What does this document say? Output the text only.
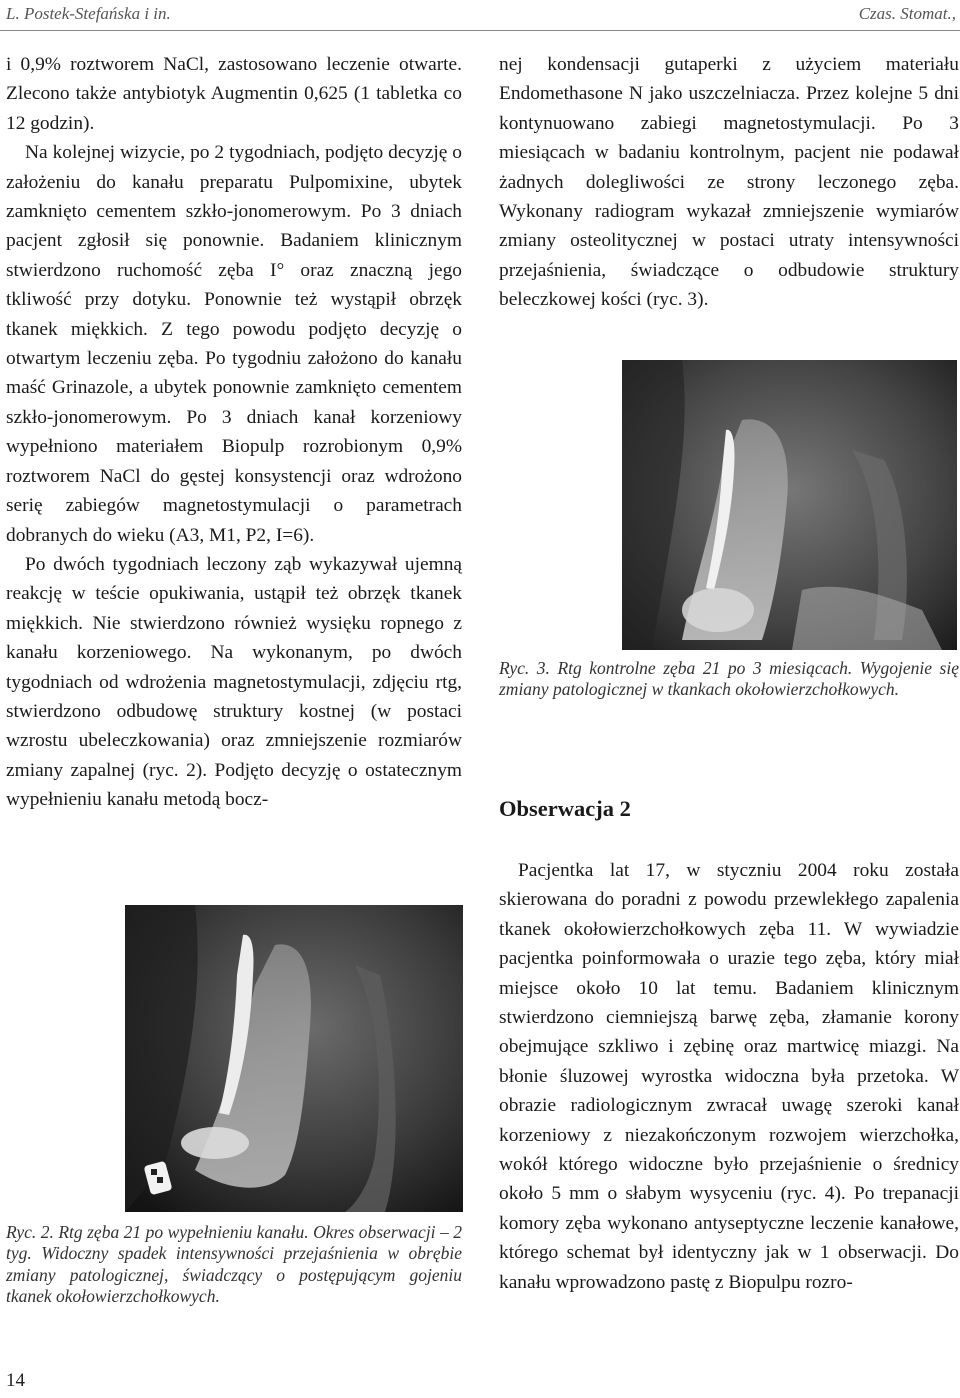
L. Postek-Stefańska i in.	Czas. Stomat.,

i 0,9% roztworem NaCl, zastosowano leczenie otwarte. Zlecono także antybiotyk Augmentin 0,625 (1 tabletka co 12 godzin).

Na kolejnej wizycie, po 2 tygodniach, podjęto decyzję o założeniu do kanału preparatu Pulpomixine, ubytek zamknięto cementem szkło-jonomerowym. Po 3 dniach pacjent zgłosił się ponownie. Badaniem klinicznym stwierdzono ruchomość zęba I° oraz znaczną jego tkliwość przy dotyku. Ponownie też wystąpił obrzęk tkanek miękkich. Z tego powodu podjęto decyzję o otwartym leczeniu zęba. Po tygodniu założono do kanału maść Grinazole, a ubytek ponownie zamknięto cementem szkło-jonomerowym. Po 3 dniach kanał korzeniowy wypełniono materiałem Biopulp rozrobionym 0,9% roztworem NaCl do gęstej konsystencji oraz wdrożono serię zabiegów magnetostymulacji o parametrach dobranych do wieku (A3, M1, P2, I=6).

Po dwóch tygodniach leczony ząb wykazywał ujemną reakcję w teście opukiwania, ustąpił też obrzęk tkanek miękkich. Nie stwierdzono również wysięku ropnego z kanału korzeniowego. Na wykonanym, po dwóch tygodniach od wdrożenia magnetostymulacji, zdjęciu rtg, stwierdzono odbudowę struktury kostnej (w postaci wzrostu ubeleczkowania) oraz zmniejszenie rozmiarów zmiany zapalnej (ryc. 2). Podjęto decyzję o ostatecznym wypełnieniu kanału metodą bocz-

Ryc. 2. Rtg zęba 21 po wypełnieniu kanału. Okres obserwacji – 2 tyg. Widoczny spadek intensywności przejaśnienia w obrębie zmiany patologicznej, świadczący o postępującym gojeniu tkanek okołowierzchołkowych.

nej kondensacji gutaperki z użyciem materiału Endomethasone N jako uszczelniacza. Przez kolejne 5 dni kontynuowano zabiegi magnetostymulacji. Po 3 miesiącach w badaniu kontrolnym, pacjent nie podawał żadnych dolegliwości ze strony leczonego zęba. Wykonany radiogram wykazał zmniejszenie wymiarów zmiany osteolitycznej w postaci utraty intensywności przejaśnienia, świadczące o odbudowie struktury beleczkowej kości (ryc. 3).

Ryc. 3. Rtg kontrolne zęba 21 po 3 miesiącach. Wygojenie się zmiany patologicznej w tkankach okołowierzchołkowych.
Obserwacja 2

Pacjentka lat 17, w styczniu 2004 roku została skierowana do poradni z powodu przewlekłego zapalenia tkanek okołowierzchołkowych zęba 11. W wywiadzie pacjentka poinformowała o urazie tego zęba, który miał miejsce około 10 lat temu. Badaniem klinicznym stwierdzono ciemniejszą barwę zęba, złamanie korony obejmujące szkliwo i zębinę oraz martwicę miazgi. Na błonie śluzowej wyrostka widoczna była przetoka. W obrazie radiologicznym zwracał uwagę szeroki kanał korzeniowy z niezakończonym rozwojem wierzchołka, wokół którego widoczne było przejaśnienie o średnicy około 5 mm o słabym wysyceniu (ryc. 4). Po trepanacji komory zęba wykonano antyseptyczne leczenie kanałowe, którego schemat był identyczny jak w 1 obserwacji. Do kanału wprowadzono pastę z Biopulpu rozro-

14
